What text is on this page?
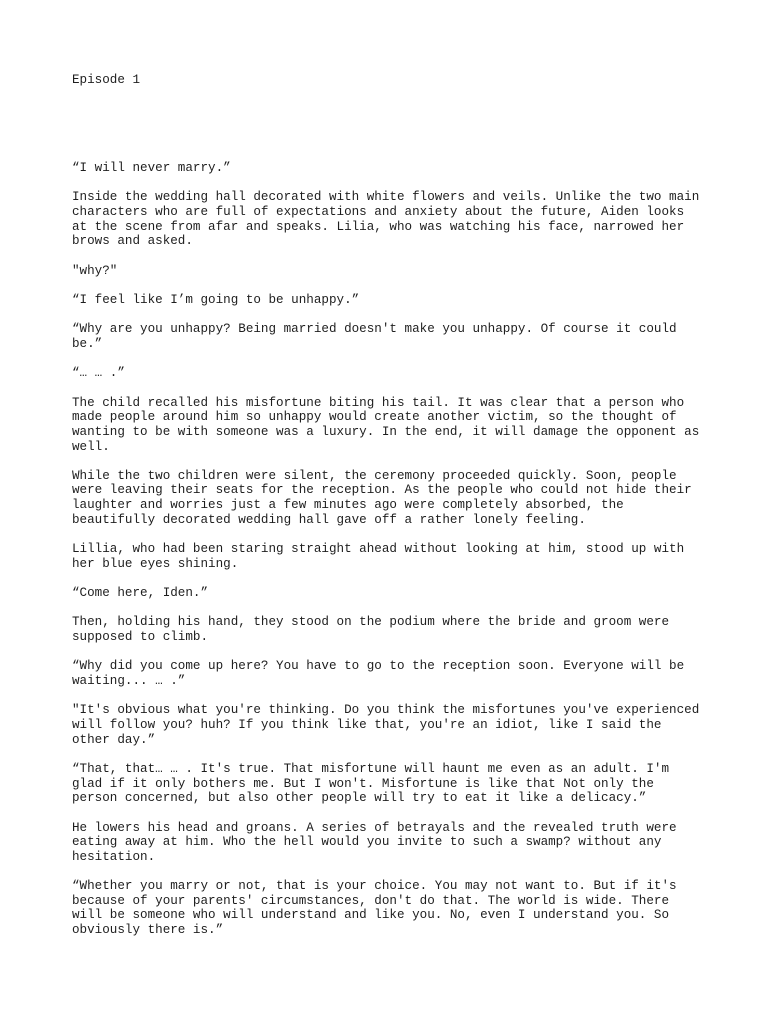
Episode 1

“I will never marry.”

Inside the wedding hall decorated with white flowers and veils. Unlike the two main characters who are full of expectations and anxiety about the future, Aiden looks at the scene from afar and speaks. Lilia, who was watching his face, narrowed her brows and asked.

"why?"

“I feel like I’m going to be unhappy.”

“Why are you unhappy? Being married doesn't make you unhappy. Of course it could be.”

“… … .”

The child recalled his misfortune biting his tail. It was clear that a person who made people around him so unhappy would create another victim, so the thought of wanting to be with someone was a luxury. In the end, it will damage the opponent as well.

While the two children were silent, the ceremony proceeded quickly. Soon, people were leaving their seats for the reception. As the people who could not hide their laughter and worries just a few minutes ago were completely absorbed, the beautifully decorated wedding hall gave off a rather lonely feeling.

Lillia, who had been staring straight ahead without looking at him, stood up with her blue eyes shining.

“Come here, Iden.”

Then, holding his hand, they stood on the podium where the bride and groom were supposed to climb.

“Why did you come up here? You have to go to the reception soon. Everyone will be waiting... … .”

"It's obvious what you're thinking. Do you think the misfortunes you've experienced will follow you? huh? If you think like that, you're an idiot, like I said the other day.”

“That, that… … . It's true. That misfortune will haunt me even as an adult. I'm glad if it only bothers me. But I won't. Misfortune is like that Not only the person concerned, but also other people will try to eat it like a delicacy.”

He lowers his head and groans. A series of betrayals and the revealed truth were eating away at him. Who the hell would you invite to such a swamp? without any hesitation.

“Whether you marry or not, that is your choice. You may not want to. But if it's because of your parents' circumstances, don't do that. The world is wide. There will be someone who will understand and like you. No, even I understand you. So obviously there is.”
